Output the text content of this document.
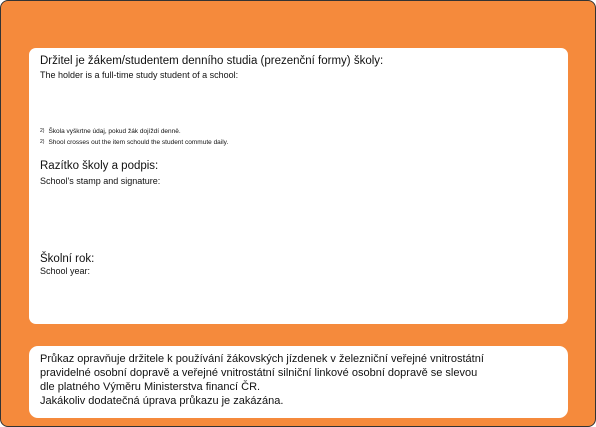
Držitel je žákem/studentem denního studia (prezenční formy) školy:
The holder is a full-time study student of a school:
$^{2)}$ Škola vyškrtne údaj, pokud žák dojíždí denně.
$^{2)}$ Shool crosses out the item schould the student commute daily.
Razítko školy a podpis:
School's stamp and signature:
Školní rok:
School year:
Průkaz opravňuje držitele k používání žákovských jízdenek v železniční veřejné vnitrostátní
pravidelné osobní dopravě a veřejné vnitrostátní silniční linkové osobní dopravě se slevou
dle platného Výměru Ministerstva financí ČR.
Jakákoliv dodatečná úprava průkazu je zakázána.
